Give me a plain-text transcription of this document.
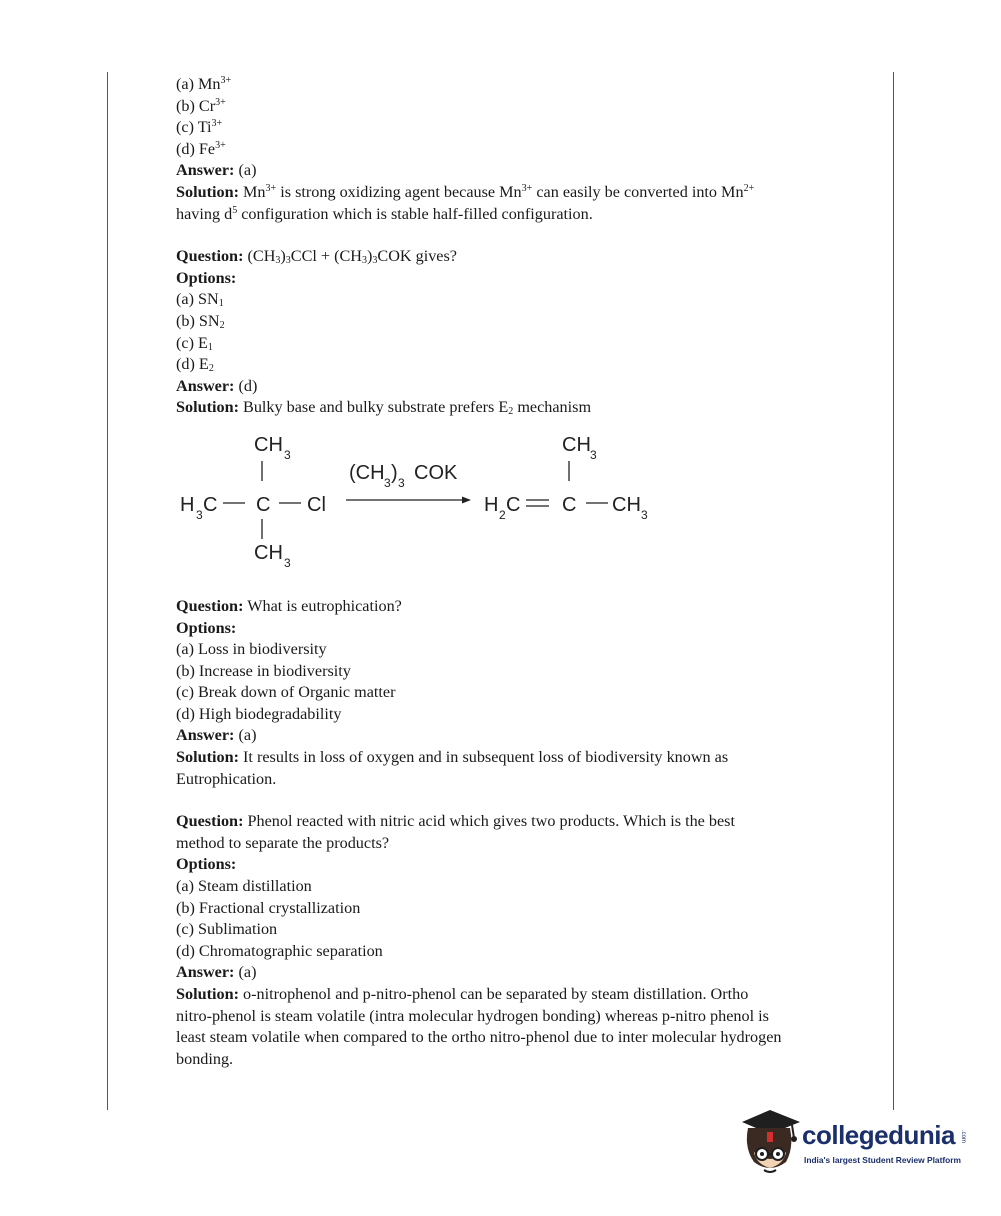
(a) $Mn^{3+}$
(b) $Cr^{3+}$
(c) $Ti^{3+}$
(d) $Fe^{3+}$
Answer: (a)
Solution: $Mn^{3+}$ is strong oxidizing agent because $Mn^{3+}$ can easily be converted into $Mn^{2+}$
having $d^5$ configuration which is stable half-filled configuration.
Question: $(CH_3)_3CCl + (CH_3)_3COK$ gives?
Options:
(a) $SN_1$
(b) $SN_2$
(c) $E_1$
(d) $E_2$
Answer: (d)
Solution: Bulky base and bulky substrate prefers $E_2$ mechanism
CH 3
H 3 C C Cl
CH 3
(CH 3 ) 3 COK
CH 3
H 2 C C CH 3
Question: What is eutrophication?
Options:
(a) Loss in biodiversity
(b) Increase in biodiversity
(c) Break down of Organic matter
(d) High biodegradability
Answer: (a)
Solution: It results in loss of oxygen and in subsequent loss of biodiversity known as
Eutrophication.
Question: Phenol reacted with nitric acid which gives two products. Which is the best
method to separate the products?
Options:
(a) Steam distillation
(b) Fractional crystallization
(c) Sublimation
(d) Chromatographic separation
Answer: (a)
Solution: o-nitrophenol and p-nitro-phenol can be separated by steam distillation. Ortho
nitro-phenol is steam volatile (intra molecular hydrogen bonding) whereas p-nitro phenol is
least steam volatile when compared to the ortho nitro-phenol due to inter molecular hydrogen
bonding.
collegedunia .com
India's largest Student Review Platform
